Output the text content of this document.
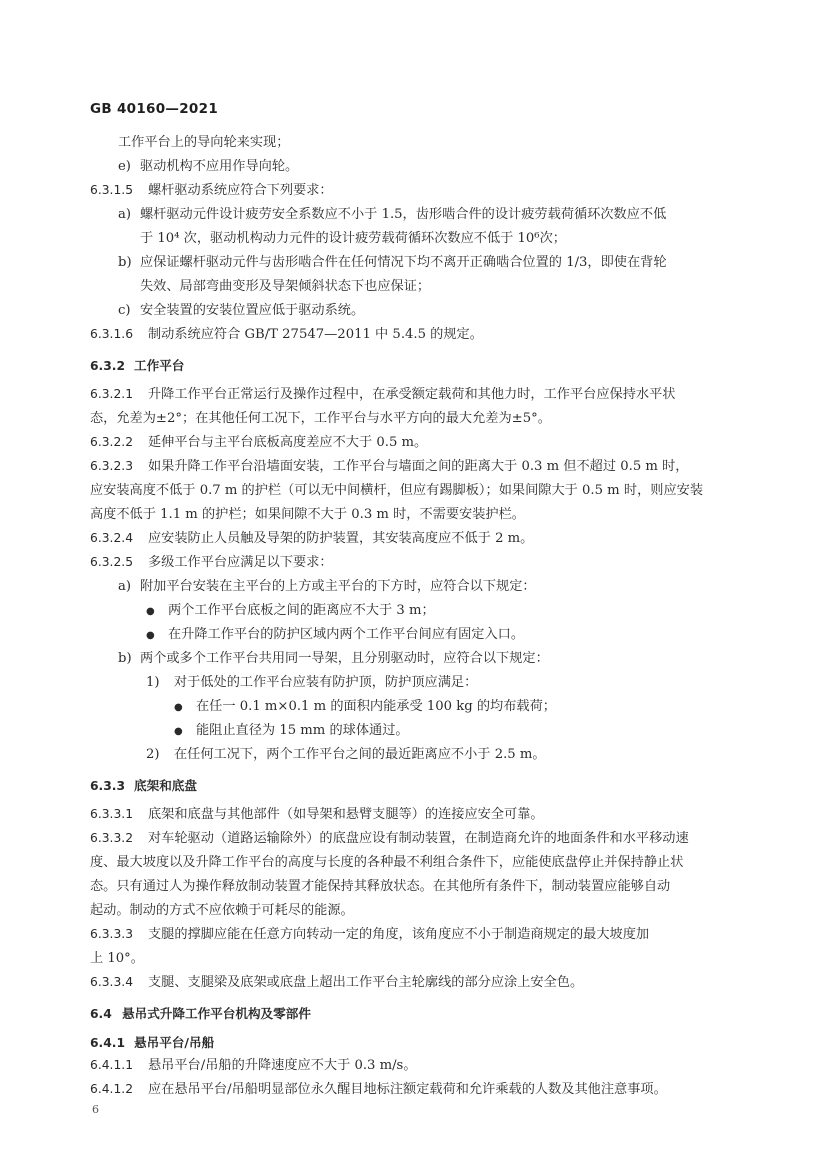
GB 40160—2021
工作平台上的导向轮来实现；
e) 驱动机构不应用作导向轮。
6.3.1.5 螺杆驱动系统应符合下列要求：
a) 螺杆驱动元件设计疲劳安全系数应不小于 1.5，齿形啮合件的设计疲劳载荷循环次数应不低
于 10⁴ 次，驱动机构动力元件的设计疲劳载荷循环次数应不低于 10⁶次；
b) 应保证螺杆驱动元件与齿形啮合件在任何情况下均不离开正确啮合位置的 1/3，即使在背轮
失效、局部弯曲变形及导架倾斜状态下也应保证；
c) 安全装置的安装位置应低于驱动系统。
6.3.1.6 制动系统应符合 GB/T 27547—2011 中 5.4.5 的规定。
6.3.2 工作平台
6.3.2.1 升降工作平台正常运行及操作过程中，在承受额定载荷和其他力时，工作平台应保持水平状
态，允差为±2°；在其他任何工况下，工作平台与水平方向的最大允差为±5°。
6.3.2.2 延伸平台与主平台底板高度差应不大于 0.5 m。
6.3.2.3 如果升降工作平台沿墙面安装，工作平台与墙面之间的距离大于 0.3 m 但不超过 0.5 m 时，
应安装高度不低于 0.7 m 的护栏（可以无中间横杆，但应有踢脚板）；如果间隙大于 0.5 m 时，则应安装
高度不低于 1.1 m 的护栏；如果间隙不大于 0.3 m 时，不需要安装护栏。
6.3.2.4 应安装防止人员触及导架的防护装置，其安装高度应不低于 2 m。
6.3.2.5 多级工作平台应满足以下要求：
a) 附加平台安装在主平台的上方或主平台的下方时，应符合以下规定：
● 两个工作平台底板之间的距离应不大于 3 m；
● 在升降工作平台的防护区域内两个工作平台间应有固定入口。
b) 两个或多个工作平台共用同一导架，且分别驱动时，应符合以下规定：
1) 对于低处的工作平台应装有防护顶，防护顶应满足：
● 在任一 0.1 m×0.1 m 的面积内能承受 100 kg 的均布载荷；
● 能阻止直径为 15 mm 的球体通过。
2) 在任何工况下，两个工作平台之间的最近距离应不小于 2.5 m。
6.3.3 底架和底盘
6.3.3.1 底架和底盘与其他部件（如导架和悬臂支腿等）的连接应安全可靠。
6.3.3.2 对车轮驱动（道路运输除外）的底盘应设有制动装置，在制造商允许的地面条件和水平移动速
度、最大坡度以及升降工作平台的高度与长度的各种最不利组合条件下，应能使底盘停止并保持静止状
态。只有通过人为操作释放制动装置才能保持其释放状态。在其他所有条件下，制动装置应能够自动
起动。制动的方式不应依赖于可耗尽的能源。
6.3.3.3 支腿的撑脚应能在任意方向转动一定的角度，该角度应不小于制造商规定的最大坡度加
上 10°。
6.3.3.4 支腿、支腿梁及底架或底盘上超出工作平台主轮廓线的部分应涂上安全色。
6.4 悬吊式升降工作平台机构及零部件
6.4.1 悬吊平台/吊船
6.4.1.1 悬吊平台/吊船的升降速度应不大于 0.3 m/s。
6.4.1.2 应在悬吊平台/吊船明显部位永久醒目地标注额定载荷和允许乘载的人数及其他注意事项。
6
